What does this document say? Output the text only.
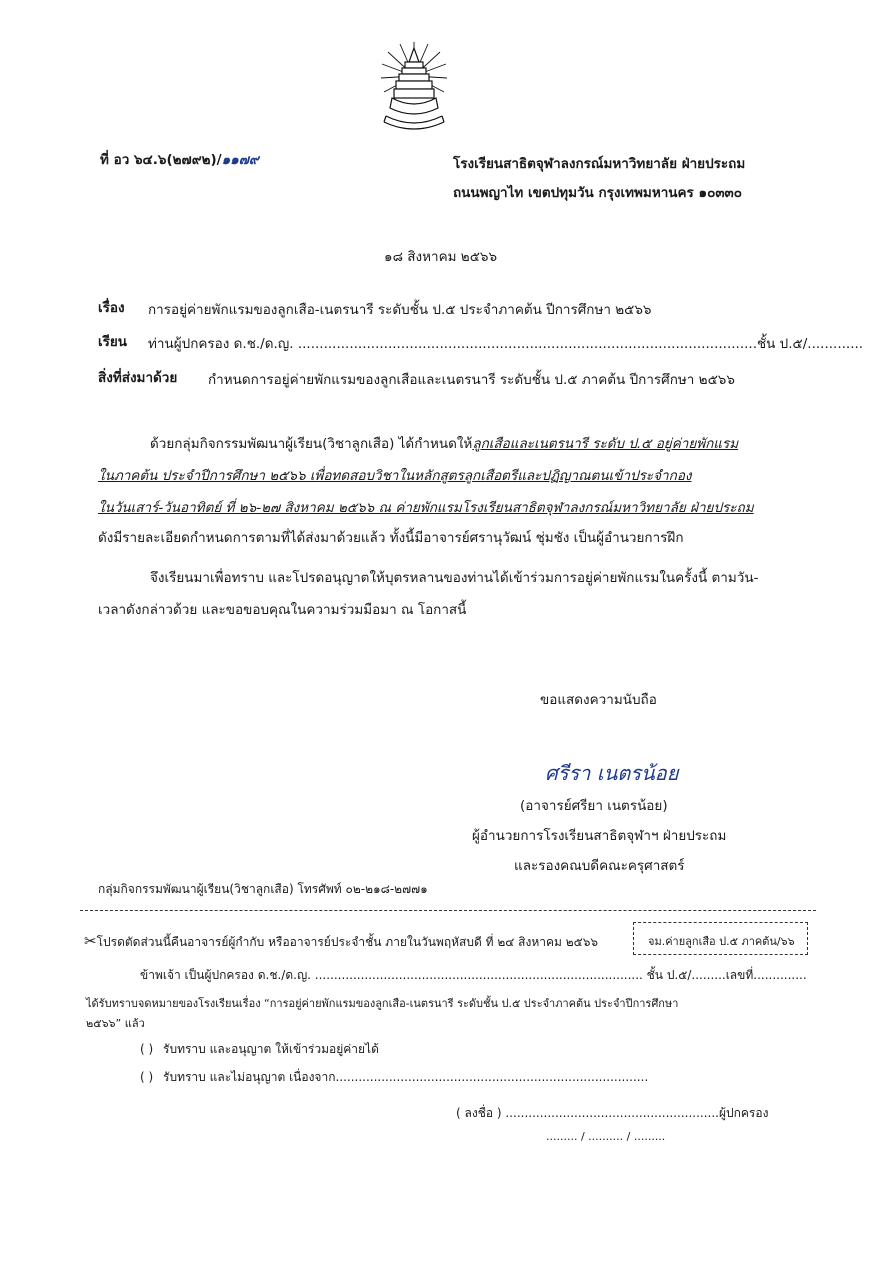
ที่ อว ๖๔.๖(๒๗๙๒)/๑๑๗๙	โรงเรียนสาธิตจุฬาลงกรณ์มหาวิทยาลัย ฝ่ายประถม
ถนนพญาไท เขตปทุมวัน กรุงเทพมหานคร ๑๐๓๓๐
๑๘ สิงหาคม ๒๕๖๖
เรื่อง การอยู่ค่ายพักแรมของลูกเสือ-เนตรนารี ระดับชั้น ป.๕ ประจำภาคต้น ปีการศึกษา ๒๕๖๖
เรียน ท่านผู้ปกครอง ด.ช./ด.ญ. ...........................................................................................................ชั้น ป.๕/.............
สิ่งที่ส่งมาด้วย กำหนดการอยู่ค่ายพักแรมของลูกเสือและเนตรนารี ระดับชั้น ป.๕ ภาคต้น ปีการศึกษา ๒๕๖๖
ด้วยกลุ่มกิจกรรมพัฒนาผู้เรียน(วิชาลูกเสือ) ได้กำหนดให้ลูกเสือและเนตรนารี ระดับ ป.๕ อยู่ค่ายพักแรม
ในภาคต้น ประจำปีการศึกษา ๒๕๖๖ เพื่อทดสอบวิชาในหลักสูตรลูกเสือตรีและปฏิญาณตนเข้าประจำกอง
ในวันเสาร์-วันอาทิตย์ ที่ ๒๖-๒๗ สิงหาคม ๒๕๖๖ ณ ค่ายพักแรมโรงเรียนสาธิตจุฬาลงกรณ์มหาวิทยาลัย ฝ่ายประถม
ดังมีรายละเอียดกำหนดการตามที่ได้ส่งมาด้วยแล้ว ทั้งนี้มีอาจารย์ศรานุวัฒน์ ชุ่มชัง เป็นผู้อำนวยการฝึก
จึงเรียนมาเพื่อทราบ และโปรดอนุญาตให้บุตรหลานของท่านได้เข้าร่วมการอยู่ค่ายพักแรมในครั้งนี้ ตามวัน-
เวลาดังกล่าวด้วย และขอขอบคุณในความร่วมมือมา ณ โอกาสนี้
ขอแสดงความนับถือ
ศรีรา เนตรน้อย
(อาจารย์ศรียา เนตรน้อย)
ผู้อำนวยการโรงเรียนสาธิตจุฬาฯ ฝ่ายประถม
และรองคณบดีคณะครุศาสตร์
กลุ่มกิจกรรมพัฒนาผู้เรียน(วิชาลูกเสือ) โทรศัพท์ ๐๒-๒๑๘-๒๗๗๑
✂โปรดตัดส่วนนี้คืนอาจารย์ผู้กำกับ หรืออาจารย์ประจำชั้น ภายในวันพฤหัสบดี ที่ ๒๔ สิงหาคม ๒๕๖๖	จม.ค่ายลูกเสือ ป.๕ ภาคต้น/๖๖
ข้าพเจ้า เป็นผู้ปกครอง ด.ช./ด.ญ. ...................................................................................... ชั้น ป.๕/.........เลขที่..............
ได้รับทราบจดหมายของโรงเรียนเรื่อง “การอยู่ค่ายพักแรมของลูกเสือ-เนตรนารี ระดับชั้น ป.๕ ประจำภาคต้น ประจำปีการศึกษา
๒๕๖๖” แล้ว
( ) รับทราบ และอนุญาต ให้เข้าร่วมอยู่ค่ายได้
( ) รับทราบ และไม่อนุญาต เนื่องจาก..................................................................................
( ลงชื่อ ) ........................................................ผู้ปกครอง
......... / .......... / .........
